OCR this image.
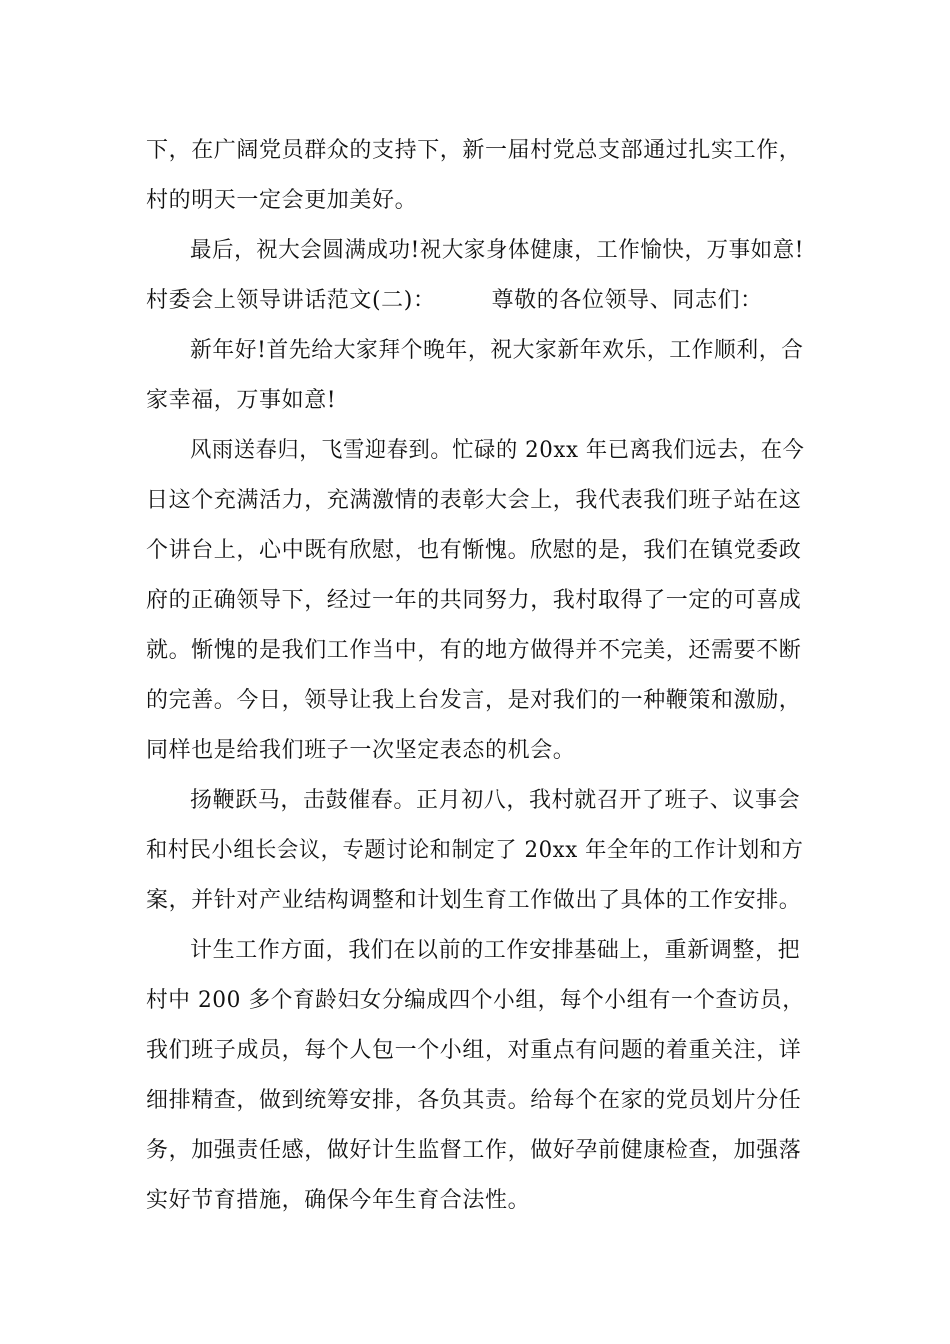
下，在广阔党员群众的支持下，新一届村党总支部通过扎实工作，

村的明天一定会更加美好。

最后，祝大会圆满成功!祝大家身体健康，工作愉快，万事如意!

村委会上领导讲话范文(二)：	尊敬的各位领导、同志们：

新年好!首先给大家拜个晚年，祝大家新年欢乐，工作顺利，合

家幸福，万事如意!

风雨送春归，飞雪迎春到。忙碌的 20xx 年已离我们远去，在今

日这个充满活力，充满激情的表彰大会上，我代表我们班子站在这

个讲台上，心中既有欣慰，也有惭愧。欣慰的是，我们在镇党委政

府的正确领导下，经过一年的共同努力，我村取得了一定的可喜成

就。惭愧的是我们工作当中，有的地方做得并不完美，还需要不断

的完善。今日，领导让我上台发言，是对我们的一种鞭策和激励，

同样也是给我们班子一次坚定表态的机会。

扬鞭跃马，击鼓催春。正月初八，我村就召开了班子、议事会

和村民小组长会议，专题讨论和制定了 20xx 年全年的工作计划和方

案，并针对产业结构调整和计划生育工作做出了具体的工作安排。

计生工作方面，我们在以前的工作安排基础上，重新调整，把

村中 200 多个育龄妇女分编成四个小组，每个小组有一个查访员，

我们班子成员，每个人包一个小组，对重点有问题的着重关注，详

细排精查，做到统筹安排，各负其责。给每个在家的党员划片分任

务，加强责任感，做好计生监督工作，做好孕前健康检查，加强落

实好节育措施，确保今年生育合法性。
